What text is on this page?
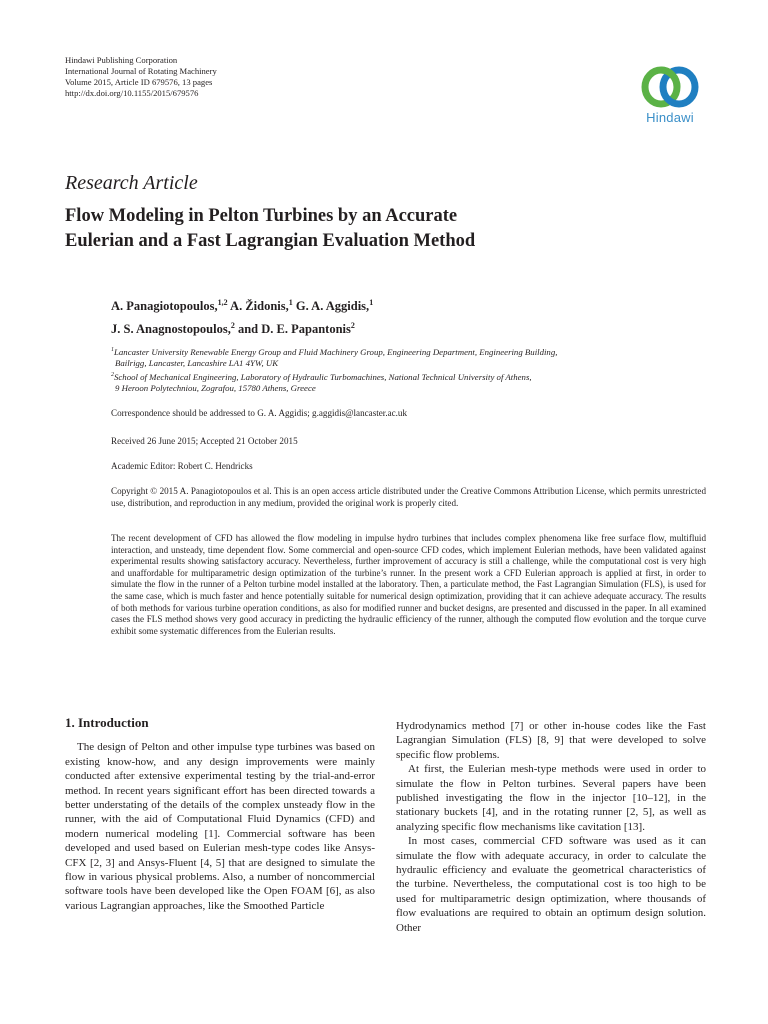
Hindawi Publishing Corporation
International Journal of Rotating Machinery
Volume 2015, Article ID 679576, 13 pages
http://dx.doi.org/10.1155/2015/679576
Hindawi
Research Article
Flow Modeling in Pelton Turbines by an Accurate
Eulerian and a Fast Lagrangian Evaluation Method
A. Panagiotopoulos,$^{1,2}$ A. Židonis,$^1$ G. A. Aggidis,$^1$
J. S. Anagnostopoulos,$^2$ and D. E. Papantonis$^2$
$^1$Lancaster University Renewable Energy Group and Fluid Machinery Group, Engineering Department, Engineering Building,
Bailrigg, Lancaster, Lancashire LA1 4YW, UK
$^2$School of Mechanical Engineering, Laboratory of Hydraulic Turbomachines, National Technical University of Athens,
9 Heroon Polytechniou, Zografou, 15780 Athens, Greece
Correspondence should be addressed to G. A. Aggidis; g.aggidis@lancaster.ac.uk
Received 26 June 2015; Accepted 21 October 2015
Academic Editor: Robert C. Hendricks
Copyright © 2015 A. Panagiotopoulos et al. This is an open access article distributed under the Creative Commons Attribution License, which permits unrestricted use, distribution, and reproduction in any medium, provided the original work is properly cited.
The recent development of CFD has allowed the flow modeling in impulse hydro turbines that includes complex phenomena like free surface flow, multifluid interaction, and unsteady, time dependent flow. Some commercial and open-source CFD codes, which implement Eulerian methods, have been validated against experimental results showing satisfactory accuracy. Nevertheless, further improvement of accuracy is still a challenge, while the computational cost is very high and unaffordable for multiparametric design optimization of the turbine’s runner. In the present work a CFD Eulerian approach is applied at first, in order to simulate the flow in the runner of a Pelton turbine model installed at the laboratory. Then, a particulate method, the Fast Lagrangian Simulation (FLS), is used for the same case, which is much faster and hence potentially suitable for numerical design optimization, providing that it can achieve adequate accuracy. The results of both methods for various turbine operation conditions, as also for modified runner and bucket designs, are presented and discussed in the paper. In all examined cases the FLS method shows very good accuracy in predicting the hydraulic efficiency of the runner, although the computed flow evolution and the torque curve exhibit some systematic differences from the Eulerian results.
1. Introduction

The design of Pelton and other impulse type turbines was based on existing know-how, and any design improvements were mainly conducted after extensive experimental testing by the trial-and-error method. In recent years significant effort has been directed towards a better understating of the details of the complex unsteady flow in the runner, with the aid of Computational Fluid Dynamics (CFD) and modern numerical modeling [1]. Commercial software has been developed and used based on Eulerian mesh-type codes like Ansys-CFX [2, 3] and Ansys-Fluent [4, 5] that are designed to simulate the flow in various physical problems. Also, a number of noncommercial software tools have been developed like the Open FOAM [6], as also various Lagrangian approaches, like the Smoothed Particle

Hydrodynamics method [7] or other in-house codes like the Fast Lagrangian Simulation (FLS) [8, 9] that were developed to solve specific flow problems.

At first, the Eulerian mesh-type methods were used in order to simulate the flow in Pelton turbines. Several papers have been published investigating the flow in the injector [10–12], in the stationary buckets [4], and in the rotating runner [2, 5], as well as analyzing specific flow mechanisms like cavitation [13].

In most cases, commercial CFD software was used as it can simulate the flow with adequate accuracy, in order to calculate the hydraulic efficiency and evaluate the geometrical characteristics of the turbine. Nevertheless, the computational cost is too high to be used for multiparametric design optimization, where thousands of flow evaluations are required to obtain an optimum design solution. Other
